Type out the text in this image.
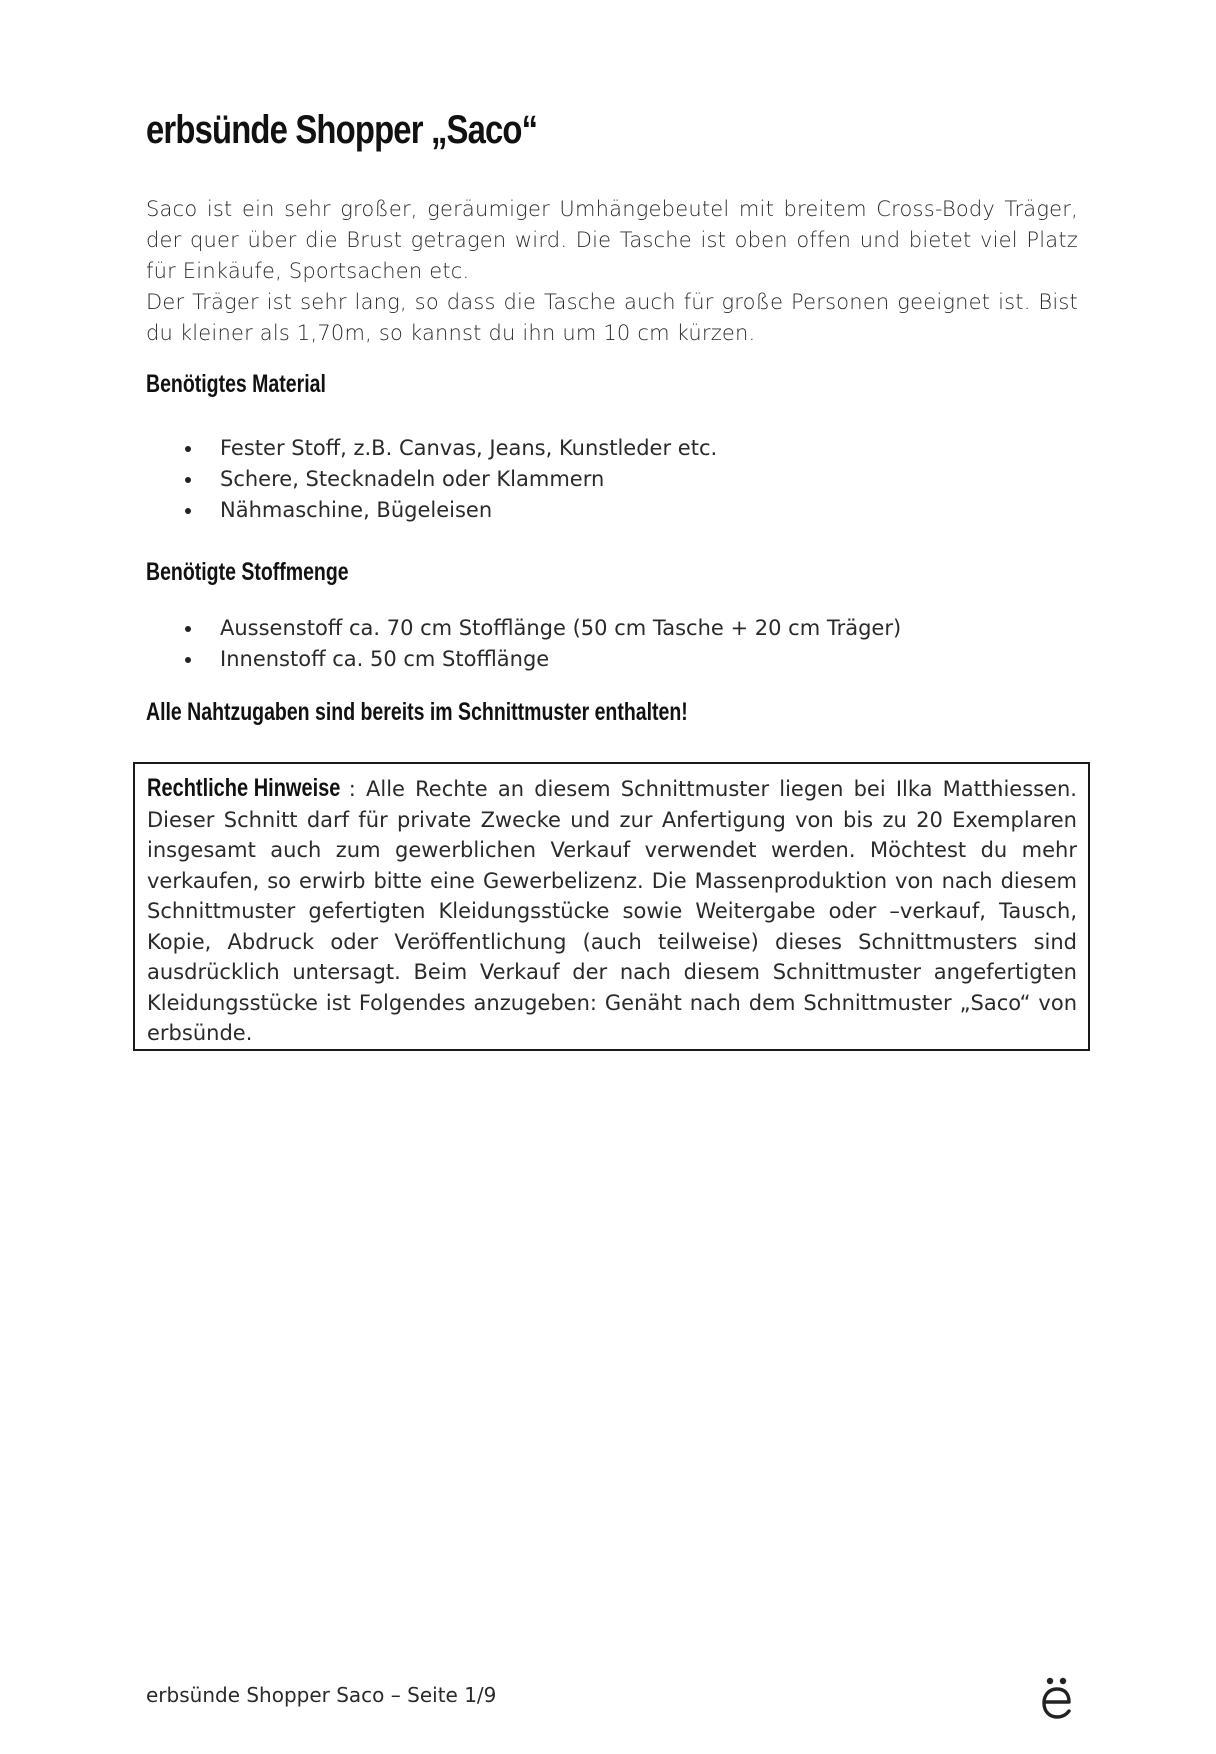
erbsünde Shopper „Saco“

Saco ist ein sehr großer, geräumiger Umhängebeutel mit breitem Cross-Body Träger, der quer über die Brust getragen wird. Die Tasche ist oben offen und bietet viel Platz für Einkäufe, Sportsachen etc.

Der Träger ist sehr lang, so dass die Tasche auch für große Personen geeignet ist. Bist du kleiner als 1,70m, so kannst du ihn um 10 cm kürzen.

Benötigtes Material
Fester Stoff, z.B. Canvas, Jeans, Kunstleder etc.
Schere, Stecknadeln oder Klammern
Nähmaschine, Bügeleisen
Benötigte Stoffmenge
Aussenstoff ca. 70 cm Stofflänge (50 cm Tasche + 20 cm Träger)
Innenstoff ca. 50 cm Stofflänge
Alle Nahtzugaben sind bereits im Schnittmuster enthalten!

Rechtliche Hinweise : Alle Rechte an diesem Schnittmuster liegen bei Ilka Matthiessen. Dieser Schnitt darf für private Zwecke und zur Anfertigung von bis zu 20 Exemplaren insgesamt auch zum gewerblichen Verkauf verwendet werden. Möchtest du mehr verkaufen, so erwirb bitte eine Gewerbelizenz. Die Massenproduktion von nach diesem Schnittmuster gefertigten Kleidungsstücke sowie Weitergabe oder –verkauf, Tausch, Kopie, Abdruck oder Veröffentlichung (auch teilweise) dieses Schnittmusters sind ausdrücklich untersagt. Beim Verkauf der nach diesem Schnittmuster angefertigten Kleidungsstücke ist Folgendes anzugeben: Genäht nach dem Schnittmuster „Saco“ von erbsünde.

erbsünde Shopper Saco – Seite 1/9
